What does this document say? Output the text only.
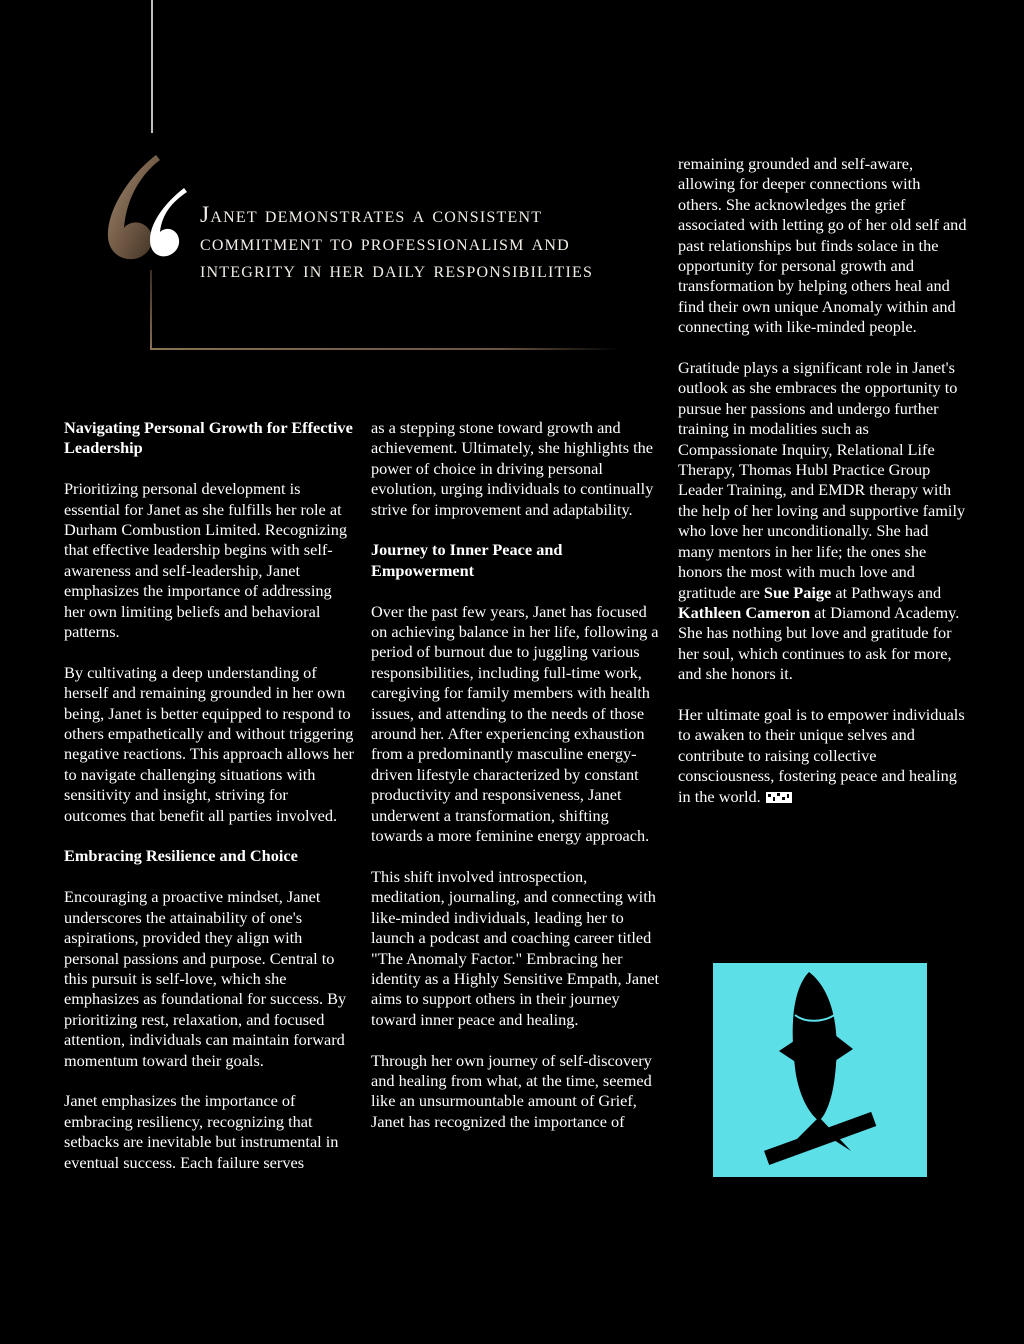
Janet demonstrates a consistent commitment to professionalism and integrity in her daily responsibilities
Navigating Personal Growth for Effective Leadership

Prioritizing personal development is essential for Janet as she fulfills her role at Durham Combustion Limited. Recognizing that effective leadership begins with self-awareness and self-leadership, Janet emphasizes the importance of addressing her own limiting beliefs and behavioral patterns.

By cultivating a deep understanding of herself and remaining grounded in her own being, Janet is better equipped to respond to others empathetically and without triggering negative reactions. This approach allows her to navigate challenging situations with sensitivity and insight, striving for outcomes that benefit all parties involved.

Embracing Resilience and Choice

Encouraging a proactive mindset, Janet underscores the attainability of one's aspirations, provided they align with personal passions and purpose. Central to this pursuit is self-love, which she emphasizes as foundational for success. By prioritizing rest, relaxation, and focused attention, individuals can maintain forward momentum toward their goals.

Janet emphasizes the importance of embracing resiliency, recognizing that setbacks are inevitable but instrumental in eventual success. Each failure serves

as a stepping stone toward growth and achievement. Ultimately, she highlights the power of choice in driving personal evolution, urging individuals to continually strive for improvement and adaptability.

Journey to Inner Peace and Empowerment

Over the past few years, Janet has focused on achieving balance in her life, following a period of burnout due to juggling various responsibilities, including full-time work, caregiving for family members with health issues, and attending to the needs of those around her. After experiencing exhaustion from a predominantly masculine energy-driven lifestyle characterized by constant productivity and responsiveness, Janet underwent a transformation, shifting towards a more feminine energy approach.

This shift involved introspection, meditation, journaling, and connecting with like-minded individuals, leading her to launch a podcast and coaching career titled "The Anomaly Factor." Embracing her identity as a Highly Sensitive Empath, Janet aims to support others in their journey toward inner peace and healing.

Through her own journey of self-discovery and healing from what, at the time, seemed like an unsurmountable amount of Grief, Janet has recognized the importance of

remaining grounded and self-aware, allowing for deeper connections with others. She acknowledges the grief associated with letting go of her old self and past relationships but finds solace in the opportunity for personal growth and transformation by helping others heal and find their own unique Anomaly within and connecting with like-minded people.

Gratitude plays a significant role in Janet's outlook as she embraces the opportunity to pursue her passions and undergo further training in modalities such as Compassionate Inquiry, Relational Life Therapy, Thomas Hubl Practice Group Leader Training, and EMDR therapy with the help of her loving and supportive family who love her unconditionally. She had many mentors in her life; the ones she honors the most with much love and gratitude are Sue Paige at Pathways and Kathleen Cameron at Diamond Academy. She has nothing but love and gratitude for her soul, which continues to ask for more, and she honors it.

Her ultimate goal is to empower individuals to awaken to their unique selves and contribute to raising collective consciousness, fostering peace and healing in the world.
